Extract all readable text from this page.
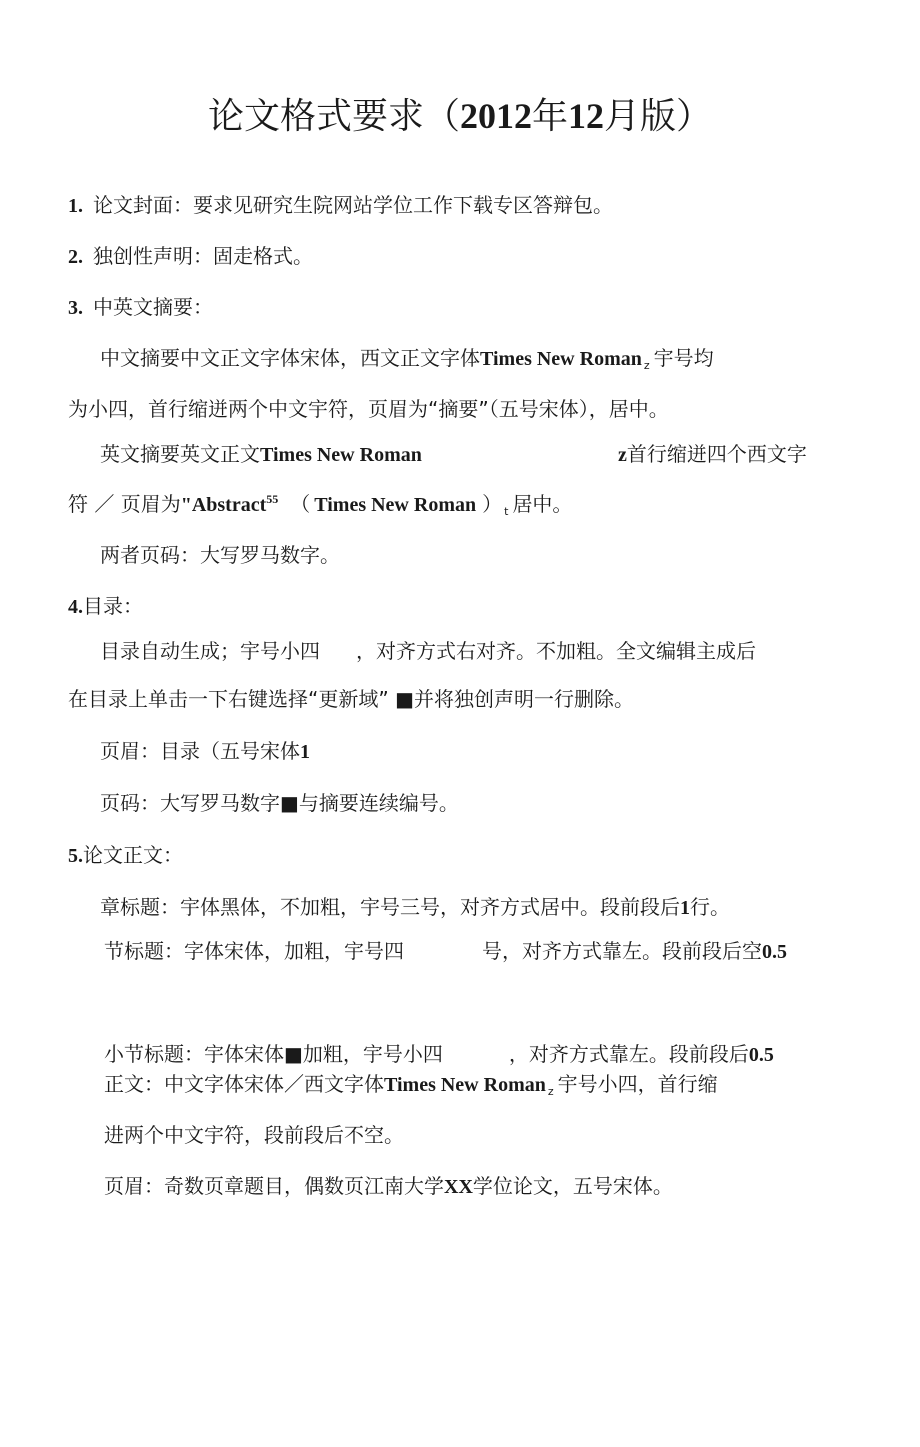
论文格式要求（2012年12月版）
1. 论文封面：要求见研究生院网站学位工作下载专区答辩包。
2. 独创性声明：固走格式。
3. 中英文摘要：
中文摘要中文正文字体宋体，西文正文字体Times New Roman $_z$ 宇号均
为小四，首行缩迸两个中文宇符，页眉为“摘要”（五号宋体），居中。
英文摘要英文正文Times New Roman	z首行缩迸四个西文字
符 ／ 页眉为"Abstract$^{55}$ （ Times New Roman ） $_t$ 居中。
两者页码：大写罗马数字。
4.目录：
目录自动生成；宇号小四 ，对齐方式右对齐。不加粗。全文编辑主成后
在目录上单击一下右键选择“更新域” ■并将独创声明一行删除。
页眉：目录（五号宋体1
页码：大写罗马数字■与摘要连续编号。
5.论文正文：
章标题：宇体黑体，不加粗，宇号三号，对齐方式居中。段前段后1行。
节标题：字体宋体，加粗，宇号四	号，对齐方式靠左。段前段后空0.5
小节标题：宇体宋体■加粗，宇号小四	，对齐方式靠左。段前段后0.5
正文：中文字体宋体／西文字体Times New Roman $_z$ 宇号小四，首行缩
进两个中文宇符，段前段后不空。
页眉：奇数页章题目，偶数页江南大学XX学位论文，五号宋体。
